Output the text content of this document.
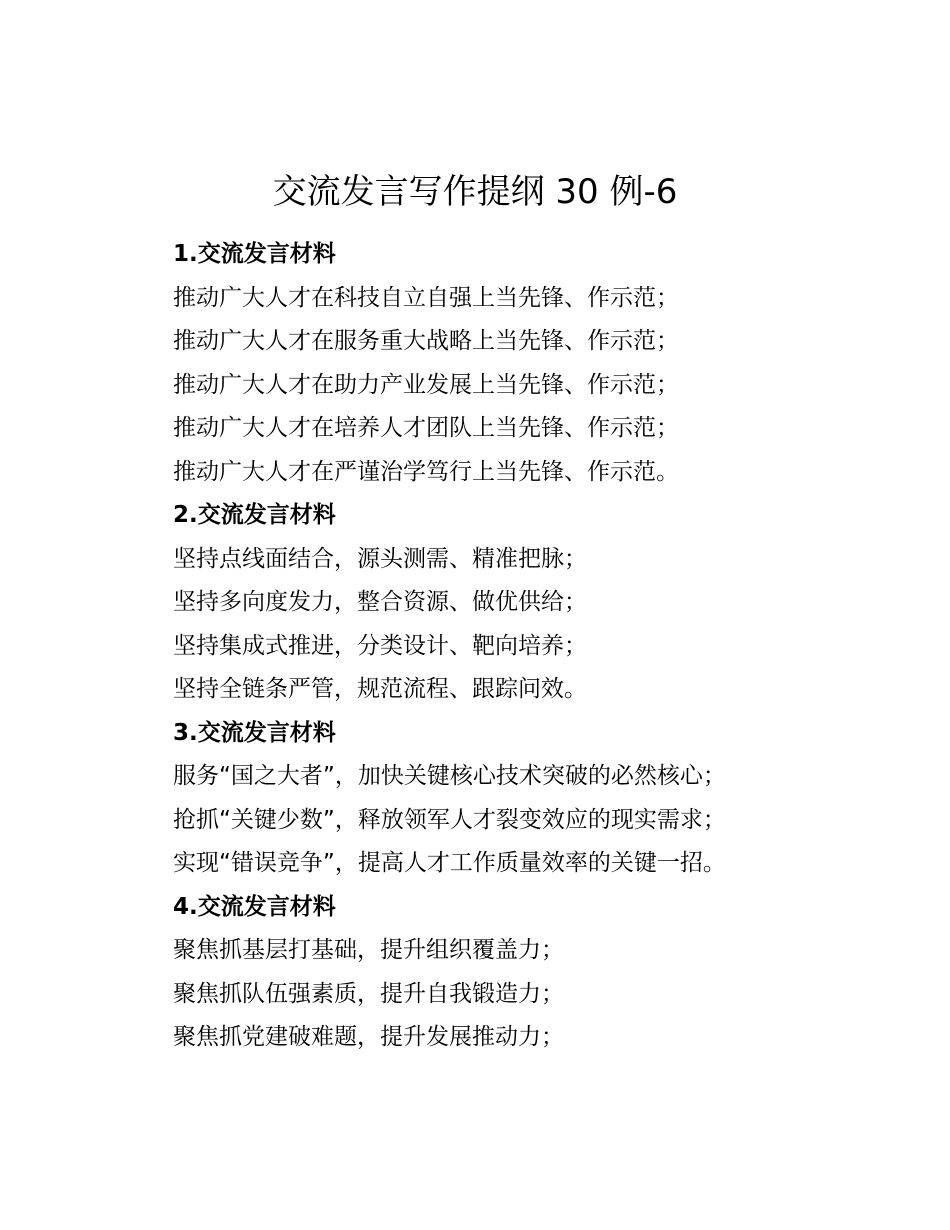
交流发言写作提纲 30 例-6
1.交流发言材料
推动广大人才在科技自立自强上当先锋、作示范；
推动广大人才在服务重大战略上当先锋、作示范；
推动广大人才在助力产业发展上当先锋、作示范；
推动广大人才在培养人才团队上当先锋、作示范；
推动广大人才在严谨治学笃行上当先锋、作示范。
2.交流发言材料
坚持点线面结合，源头测需、精准把脉；
坚持多向度发力，整合资源、做优供给；
坚持集成式推进，分类设计、靶向培养；
坚持全链条严管，规范流程、跟踪问效。
3.交流发言材料
服务“国之大者”，加快关键核心技术突破的必然核心；
抢抓“关键少数”，释放领军人才裂变效应的现实需求；
实现“错误竞争”，提高人才工作质量效率的关键一招。
4.交流发言材料
聚焦抓基层打基础，提升组织覆盖力；
聚焦抓队伍强素质，提升自我锻造力；
聚焦抓党建破难题，提升发展推动力；
